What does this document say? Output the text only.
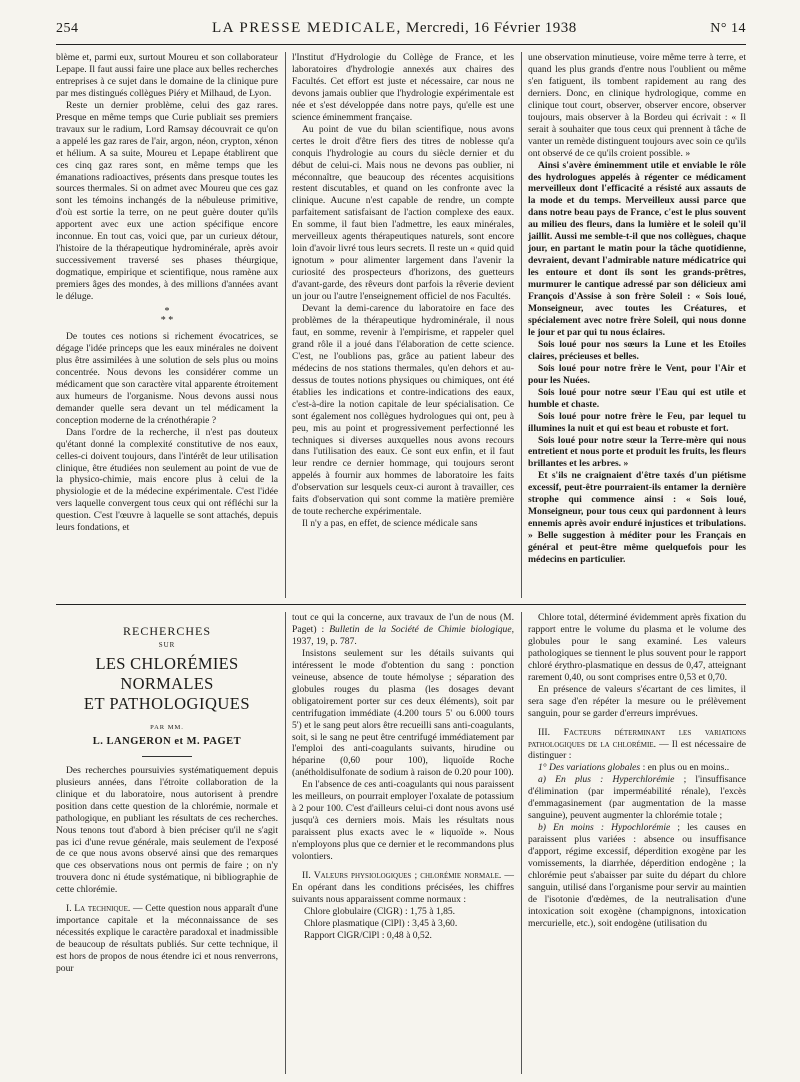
254	LA PRESSE MEDICALE, Mercredi, 16 Février 1938	N° 14

blème et, parmi eux, surtout Moureu et son collaborateur Lepape. Il faut aussi faire une place aux belles recherches entreprises à ce sujet dans le domaine de la clinique pure par mes distingués collègues Piéry et Milhaud, de Lyon.

Reste un dernier problème, celui des gaz rares. Presque en même temps que Curie publiait ses premiers travaux sur le radium, Lord Ramsay découvrait ce qu'on a appelé les gaz rares de l'air, argon, néon, crypton, xénon et hélium. A sa suite, Moureu et Lepape établirent que ces cinq gaz rares sont, en même temps que les émanations radioactives, présents dans presque toutes les sources thermales. Si on admet avec Moureu que ces gaz sont les témoins inchangés de la nébuleuse primitive, d'où est sortie la terre, on ne peut guère douter qu'ils apportent avec eux une action spécifique encore inconnue. En tout cas, voici que, par un curieux détour, l'histoire de la thérapeutique hydrominérale, après avoir successivement traversé ses phases théurgique, dogmatique, empirique et scientifique, nous ramène aux premiers âges des mondes, à des millions d'années avant le déluge.

*
* *

De toutes ces notions si richement évocatrices, se dégage l'idée princeps que les eaux minérales ne doivent plus être assimilées à une solution de sels plus ou moins concentrée. Nous devons les considérer comme un médicament que son caractère vital apparente étroitement aux humeurs de l'organisme. Nous devons aussi nous demander quelle sera devant un tel médicament la conception moderne de la crénothérapie ?

Dans l'ordre de la recherche, il n'est pas douteux qu'étant donné la complexité constitutive de nos eaux, celles-ci doivent toujours, dans l'intérêt de leur utilisation clinique, être étudiées non seulement au point de vue de la physico-chimie, mais encore plus à celui de la physiologie et de la médecine expérimentale. C'est l'idée vers laquelle convergent tous ceux qui ont réfléchi sur la question. C'est l'œuvre à laquelle se sont attachés, depuis leurs fondations, et

l'Institut d'Hydrologie du Collège de France, et les laboratoires d'hydrologie annexés aux chaires des Facultés. Cet effort est juste et nécessaire, car nous ne devons jamais oublier que l'hydrologie expérimentale est née et s'est développée dans notre pays, qu'elle est une science éminemment française.

Au point de vue du bilan scientifique, nous avons certes le droit d'être fiers des titres de noblesse qu'a conquis l'hydrologie au cours du siècle dernier et du début de celui-ci. Mais nous ne devons pas oublier, ni méconnaître, que beaucoup des récentes acquisitions restent discutables, et quand on les confronte avec la clinique. Aucune n'est capable de rendre, un compte parfaitement satisfaisant de l'action complexe des eaux. En somme, il faut bien l'admettre, les eaux minérales, merveilleux agents thérapeutiques naturels, sont encore loin d'avoir livré tous leurs secrets. Il reste un « quid quid ignotum » pour alimenter largement dans l'avenir la curiosité des prospecteurs d'horizons, des guetteurs d'avant-garde, des rêveurs dont parfois la rêverie devient un jour ou l'autre l'enseignement officiel de nos Facultés.

Devant la demi-carence du laboratoire en face des problèmes de la thérapeutique hydrominérale, il nous faut, en somme, revenir à l'empirisme, et rappeler quel grand rôle il a joué dans l'élaboration de cette science. C'est, ne l'oublions pas, grâce au patient labeur des médecins de nos stations thermales, qu'en dehors et au-dessus de toutes notions physiques ou chimiques, ont été établies les indications et contre-indications des eaux, c'est-à-dire la notion capitale de leur spécialisation. Ce sont également nos collègues hydrologues qui ont, peu à peu, mis au point et progressivement perfectionné les techniques si diverses auxquelles nous avons recours dans l'utilisation des eaux. Ce sont eux enfin, et il faut leur rendre ce dernier hommage, qui toujours seront appelés à fournir aux hommes de laboratoire les faits d'observation sur lesquels ceux-ci auront à travailler, ces faits d'observation qui sont comme la matière première de toute recherche expérimentale.

Il n'y a pas, en effet, de science médicale sans

une observation minutieuse, voire même terre à terre, et quand les plus grands d'entre nous l'oublient ou même s'en fatiguent, ils tombent rapidement au rang des derniers. Donc, en clinique hydrologique, comme en clinique tout court, observer, observer encore, observer toujours, mais observer à la Bordeu qui écrivait : « Il serait à souhaiter que tous ceux qui prennent à tâche de vanter un remède distinguent toujours avec soin ce qu'ils ont observé de ce qu'ils croient possible. »

Ainsi s'avère éminemment utile et enviable le rôle des hydrologues appelés à régenter ce médicament merveilleux dont l'efficacité a résisté aux assauts de la mode et du temps. Merveilleux aussi parce que dans notre beau pays de France, c'est le plus souvent au milieu des fleurs, dans la lumière et le soleil qu'il jaillit. Aussi me semble-t-il que nos collègues, chaque jour, en partant le matin pour la tâche quotidienne, devraient, devant l'admirable nature médicatrice qui les entoure et dont ils sont les grands-prêtres, murmurer le cantique adressé par son délicieux ami François d'Assise à son frère Soleil : « Sois loué, Monseigneur, avec toutes les Créatures, et spécialement avec notre frère Soleil, qui nous donne le jour et par qui tu nous éclaires.

Sois loué pour nos sœurs la Lune et les Etoiles claires, précieuses et belles.

Sois loué pour notre frère le Vent, pour l'Air et pour les Nuées.

Sois loué pour notre sœur l'Eau qui est utile et humble et chaste.

Sois loué pour notre frère le Feu, par lequel tu illumines la nuit et qui est beau et robuste et fort.

Sois loué pour notre sœur la Terre-mère qui nous entretient et nous porte et produit les fruits, les fleurs brillantes et les arbres. »

Et s'ils ne craignaient d'être taxés d'un piétisme excessif, peut-être pourraient-ils entamer la dernière strophe qui commence ainsi : « Sois loué, Monseigneur, pour tous ceux qui pardonnent à leurs ennemis après avoir enduré injustices et tribulations. » Belle suggestion à méditer pour les Français en général et peut-être même quelquefois pour les médecins en particulier.

RECHERCHES
SUR
LES CHLORÉMIES NORMALES
ET PATHOLOGIQUES
PAR MM.
L. LANGERON et M. PAGET

Des recherches poursuivies systématiquement depuis plusieurs années, dans l'étroite collaboration de la clinique et du laboratoire, nous autorisent à prendre position dans cette question de la chlorémie, normale et pathologique, en publiant les résultats de ces recherches. Nous tenons tout d'abord à bien préciser qu'il ne s'agit pas ici d'une revue générale, mais seulement de l'exposé de ce que nous avons observé ainsi que des remarques que ces observations nous ont permis de faire ; on n'y trouvera donc ni étude systématique, ni bibliographie de cette chlorémie.

I. La technique. — Cette question nous apparaît d'une importance capitale et la méconnaissance de ses nécessités explique le caractère paradoxal et inadmissible de beaucoup de résultats publiés. Sur cette technique, il est hors de propos de nous étendre ici et nous renverrons, pour

tout ce qui la concerne, aux travaux de l'un de nous (M. Paget) : Bulletin de la Société de Chimie biologique, 1937, 19, p. 787.

Insistons seulement sur les détails suivants qui intéressent le mode d'obtention du sang : ponction veineuse, absence de toute hémolyse ; séparation des globules rouges du plasma (les dosages devant obligatoirement porter sur ces deux éléments), soit par centrifugation immédiate (4.200 tours 5' ou 6.000 tours 5') et le sang peut alors être recueilli sans anti-coagulants, soit, si le sang ne peut être centrifugé immédiatement par l'emploi des anti-coagulants suivants, hirudine ou héparine (0,60 pour 100), liquoïde Roche (anétholdisulfonate de sodium à raison de 0.20 pour 100).

En l'absence de ces anti-coagulants qui nous paraissent les meilleurs, on pourrait employer l'oxalate de potassium à 2 pour 100. C'est d'ailleurs celui-ci dont nous avons usé jusqu'à ces derniers mois. Mais les résultats nous paraissent plus exacts avec le « liquoïde ». Nous n'employons plus que ce dernier et le recommandons plus volontiers.

II. Valeurs physiologiques ; chlorémie normale. — En opérant dans les conditions précisées, les chiffres suivants nous apparaissent comme normaux :

Chlore globulaire (ClGR) : 1,75 à 1,85.

Chlore plasmatique (ClPl) : 3,45 à 3,60.

Rapport ClGR/ClPl : 0,48 à 0,52.

Chlore total, déterminé évidemment après fixation du rapport entre le volume du plasma et le volume des globules pour le sang examiné. Les valeurs pathologiques se tiennent le plus souvent pour le rapport chloré érythro-plasmatique en dessus de 0,47, atteignant rarement 0,40, ou sont comprises entre 0,53 et 0,70.

En présence de valeurs s'écartant de ces limites, il sera sage d'en répéter la mesure ou le prélèvement sanguin, pour se garder d'erreurs imprévues.

III. Facteurs déterminant les variations pathologiques de la chlorémie. — Il est nécessaire de distinguer :

1° Des variations globales : en plus ou en moins..

a) En plus : Hyperchlorémie ; l'insuffisance d'élimination (par imperméabilité rénale), l'excès d'emmagasinement (par augmentation de la masse sanguine), peuvent augmenter la chlorémie totale ;

b) En moins : Hypochlorémie ; les causes en paraissent plus variées : absence ou insuffisance d'apport, régime excessif, déperdition exogène par les vomissements, la diarrhée, déperdition endogène ; la chlorémie peut s'abaisser par suite du départ du chlore sanguin, utilisé dans l'organisme pour servir au maintien de l'isotonie d'œdèmes, de la neutralisation d'une intoxication soit exogène (champignons, intoxication mercurielle, etc.), soit endogène (utilisation du
